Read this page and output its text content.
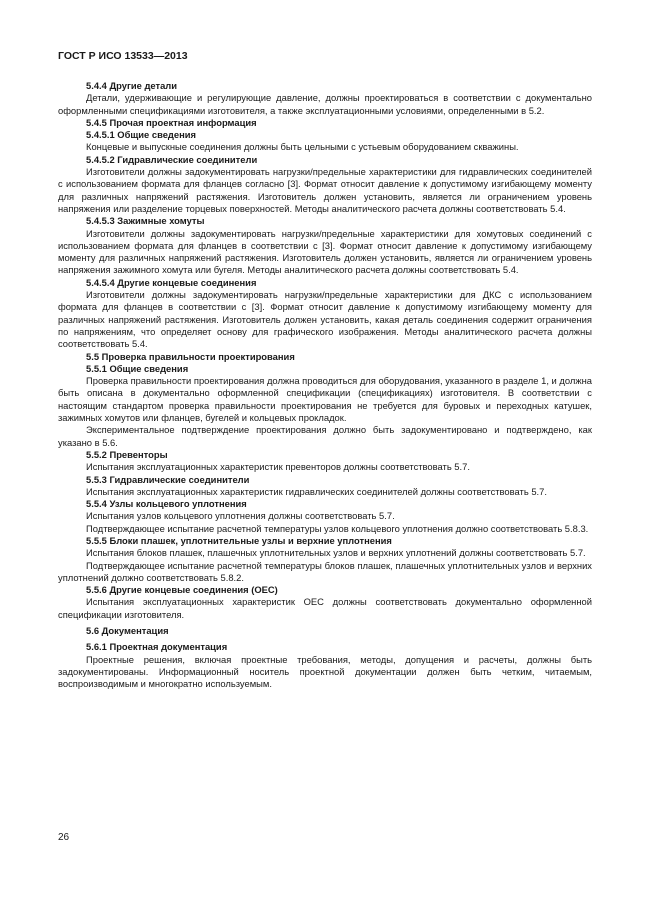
ГОСТ Р ИСО 13533—2013

5.4.4 Другие детали

Детали, удерживающие и регулирующие давление, должны проектироваться в соответствии с документально оформленными спецификациями изготовителя, а также эксплуатационными условиями, определенными в 5.2.

5.4.5 Прочая проектная информация

5.4.5.1 Общие сведения

Концевые и выпускные соединения должны быть цельными с устьевым оборудованием скважины.

5.4.5.2 Гидравлические соединители

Изготовители должны задокументировать нагрузки/предельные характеристики для гидравлических соединителей с использованием формата для фланцев согласно [3]. Формат относит давление к допустимому изгибающему моменту для различных напряжений растяжения. Изготовитель должен установить, является ли ограничением уровень напряжения или разделение торцевых поверхностей. Методы аналитического расчета должны соответствовать 5.4.

5.4.5.3 Зажимные хомуты

Изготовители должны задокументировать нагрузки/предельные характеристики для хомутовых соединений с использованием формата для фланцев в соответствии с [3]. Формат относит давление к допустимому изгибающему моменту для различных напряжений растяжения. Изготовитель должен установить, является ли ограничением уровень напряжения зажимного хомута или бугеля. Методы аналитического расчета должны соответствовать 5.4.

5.4.5.4 Другие концевые соединения

Изготовители должны задокументировать нагрузки/предельные характеристики для ДКС с использованием формата для фланцев в соответствии с [3]. Формат относит давление к допустимому изгибающему моменту для различных напряжений растяжения. Изготовитель должен установить, какая деталь соединения содержит ограничения по напряжениям, что определяет основу для графического изображения. Методы аналитического расчета должны соответствовать 5.4.

5.5 Проверка правильности проектирования

5.5.1 Общие сведения

Проверка правильности проектирования должна проводиться для оборудования, указанного в разделе 1, и должна быть описана в документально оформленной спецификации (спецификациях) изготовителя. В соответствии с настоящим стандартом проверка правильности проектирования не требуется для буровых и переходных катушек, зажимных хомутов или фланцев, бугелей и кольцевых прокладок.

Экспериментальное подтверждение проектирования должно быть задокументировано и подтверждено, как указано в 5.6.

5.5.2 Превенторы

Испытания эксплуатационных характеристик превенторов должны соответствовать 5.7.

5.5.3 Гидравлические соединители

Испытания эксплуатационных характеристик гидравлических соединителей должны соответствовать 5.7.

5.5.4 Узлы кольцевого уплотнения

Испытания узлов кольцевого уплотнения должны соответствовать 5.7.

Подтверждающее испытание расчетной температуры узлов кольцевого уплотнения должно соответствовать 5.8.3.

5.5.5 Блоки плашек, уплотнительные узлы и верхние уплотнения

Испытания блоков плашек, плашечных уплотнительных узлов и верхних уплотнений должны соответствовать 5.7.

Подтверждающее испытание расчетной температуры блоков плашек, плашечных уплотнительных узлов и верхних уплотнений должно соответствовать 5.8.2.

5.5.6 Другие концевые соединения (ОЕС)

Испытания эксплуатационных характеристик ОЕС должны соответствовать документально оформленной спецификации изготовителя.

5.6 Документация

5.6.1 Проектная документация

Проектные решения, включая проектные требования, методы, допущения и расчеты, должны быть задокументированы. Информационный носитель проектной документации должен быть четким, читаемым, воспроизводимым и многократно используемым.

26
